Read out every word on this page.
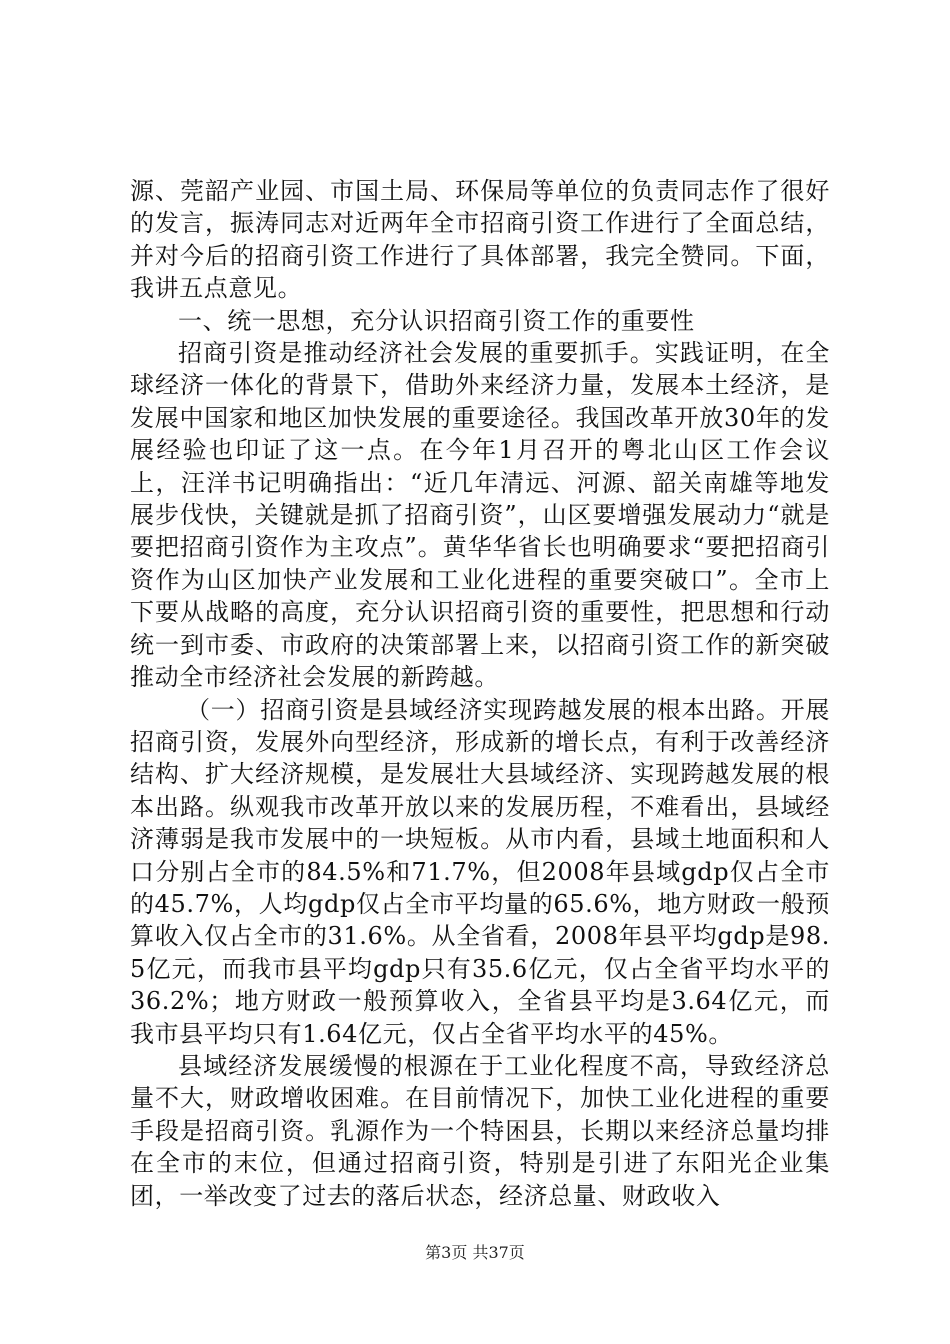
源、莞韶产业园、市国土局、环保局等单位的负责同志作了很好的发言，振涛同志对近两年全市招商引资工作进行了全面总结，并对今后的招商引资工作进行了具体部署，我完全赞同。下面，我讲五点意见。

一、统一思想，充分认识招商引资工作的重要性

招商引资是推动经济社会发展的重要抓手。实践证明，在全球经济一体化的背景下，借助外来经济力量，发展本土经济，是发展中国家和地区加快发展的重要途径。我国改革开放30年的发展经验也印证了这一点。在今年1月召开的粤北山区工作会议上，汪洋书记明确指出：“近几年清远、河源、韶关南雄等地发展步伐快，关键就是抓了招商引资”，山区要增强发展动力“就是要把招商引资作为主攻点”。黄华华省长也明确要求“要把招商引资作为山区加快产业发展和工业化进程的重要突破口”。全市上下要从战略的高度，充分认识招商引资的重要性，把思想和行动统一到市委、市政府的决策部署上来，以招商引资工作的新突破推动全市经济社会发展的新跨越。

（一）招商引资是县域经济实现跨越发展的根本出路。开展招商引资，发展外向型经济，形成新的增长点，有利于改善经济结构、扩大经济规模，是发展壮大县域经济、实现跨越发展的根本出路。纵观我市改革开放以来的发展历程，不难看出，县域经济薄弱是我市发展中的一块短板。从市内看，县域土地面积和人口分别占全市的84.5%和71.7%，但2008年县域gdp仅占全市的45.7%，人均gdp仅占全市平均量的65.6%，地方财政一般预算收入仅占全市的31.6%。从全省看，2008年县平均gdp是98.5亿元，而我市县平均gdp只有35.6亿元，仅占全省平均水平的36.2%；地方财政一般预算收入，全省县平均是3.64亿元，而我市县平均只有1.64亿元，仅占全省平均水平的45%。

县域经济发展缓慢的根源在于工业化程度不高，导致经济总量不大，财政增收困难。在目前情况下，加快工业化进程的重要手段是招商引资。乳源作为一个特困县，长期以来经济总量均排在全市的末位，但通过招商引资，特别是引进了东阳光企业集团，一举改变了过去的落后状态，经济总量、财政收入

第3页 共37页
